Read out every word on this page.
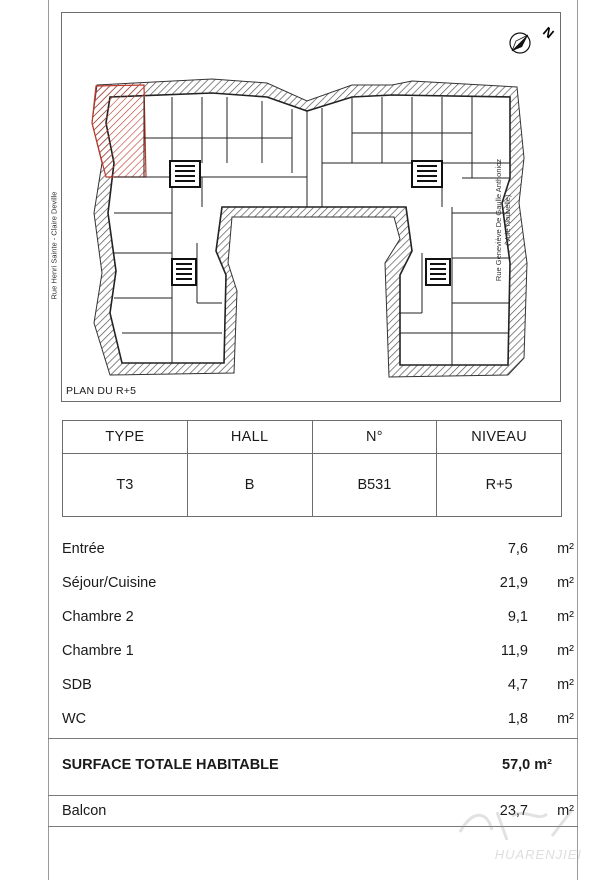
N
Rue Henri Sainte - Claire Deville	Rue Geneviève De Gaulle Anthonioz (Voie Nouvelle)
PLAN DU R+5
TYPE	HALL	N°	NIVEAU
T3	B	B531	R+5
Entrée	7,6 m²
Séjour/Cuisine	21,9 m²
Chambre 2	9,1 m²
Chambre 1	11,9 m²
SDB	4,7 m²
WC	1,8 m²
SURFACE TOTALE HABITABLE	57,0 m²
Balcon	23,7 m²
HUARENJIEI
